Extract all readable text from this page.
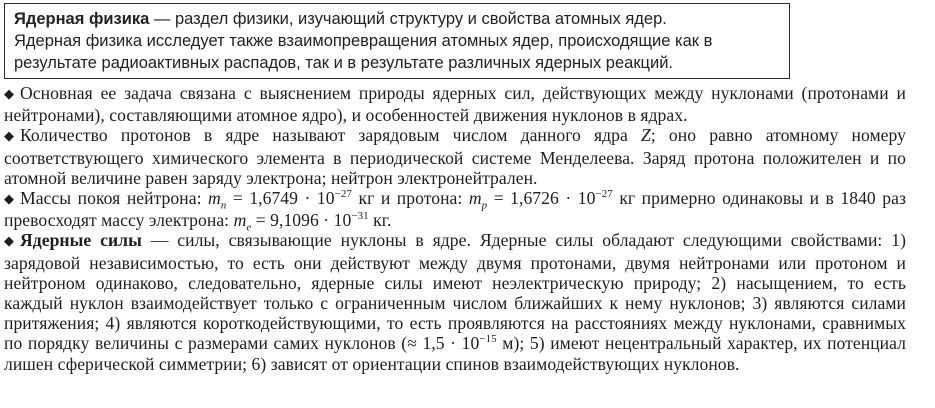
Ядерная физика — раздел физики, изучающий структуру и свойства атомных ядер.

Ядерная физика исследует также взаимопревращения атомных ядер, происходящие как в результате радиоактивных распадов, так и в результате различных ядерных реакций.

◆ Основная ее задача связана с выяснением природы ядерных сил, действующих между нуклонами (протонами и нейтронами), составляющими атомное ядро), и особенностей движения нуклонов в ядрах.

◆ Количество протонов в ядре называют зарядовым числом данного ядра Z; оно равно атомному номеру соответствующего химического элемента в периодической системе Менделеева. Заряд протона положителен и по атомной величине равен заряду электрона; нейтрон электронейтрален.

◆ Массы покоя нейтрона: $m_n = 1,6749 \cdot 10^{-27}$ кг и протона: $m_p = 1,6726 \cdot 10^{-27}$ кг примерно одинаковы и в 1840 раз превосходят массу электрона: $m_e = 9,1096 \cdot 10^{-31}$ кг.

◆ Ядерные силы — силы, связывающие нуклоны в ядре. Ядерные силы обладают следующими свойствами: 1) зарядовой независимостью, то есть они действуют между двумя протонами, двумя нейтронами или протоном и нейтроном одинаково, следовательно, ядерные силы имеют неэлектрическую природу; 2) насыщением, то есть каждый нуклон взаимодействует только с ограниченным числом ближайших к нему нуклонов; 3) являются силами притяжения; 4) являются короткодействующими, то есть проявляются на расстояниях между нуклонами, сравнимых по порядку величины с размерами самих нуклонов (≈ $1,5 \cdot 10^{-15}$ м); 5) имеют нецентральный характер, их потенциал лишен сферической симметрии; 6) зависят от ориентации спинов взаимодействующих нуклонов.
